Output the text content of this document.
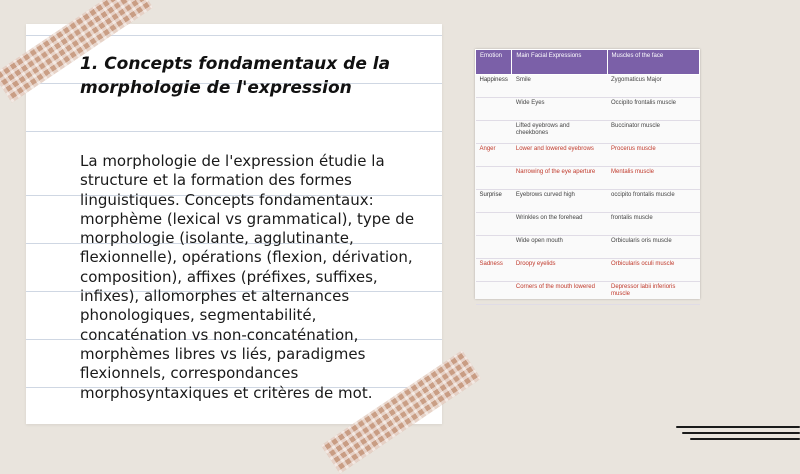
1. Concepts fondamentaux de la morphologie de l'expression

La morphologie de l'expression étudie la structure et la formation des formes linguistiques. Concepts fondamentaux: morphème (lexical vs grammatical), type de morphologie (isolante, agglutinante, flexionnelle), opérations (flexion, dérivation, composition), affixes (préfixes, suffixes, infixes), allomorphes et alternances phonologiques, segmentabilité, concaténation vs non-concaténation, morphèmes libres vs liés, paradigmes flexionnels, correspondances morphosyntaxiques et critères de mot.

Emotion	Main Facial Expressions	Muscles of the face
Happiness	Smile	Zygomaticus Major
	Wide Eyes	Occipito frontalis muscle
	Lifted eyebrows and cheekbones	Buccinator muscle
Anger	Lower and lowered eyebrows	Procerus muscle
	Narrowing of the eye aperture	Mentalis muscle
Surprise	Eyebrows curved high	occipito frontalis muscle
	Wrinkles on the forehead	frontalis muscle
	Wide open mouth	Orbicularis oris muscle
Sadness	Droopy eyelids	Orbicularis oculi muscle
	Corners of the mouth lowered	Depressor labii inferioris muscle
